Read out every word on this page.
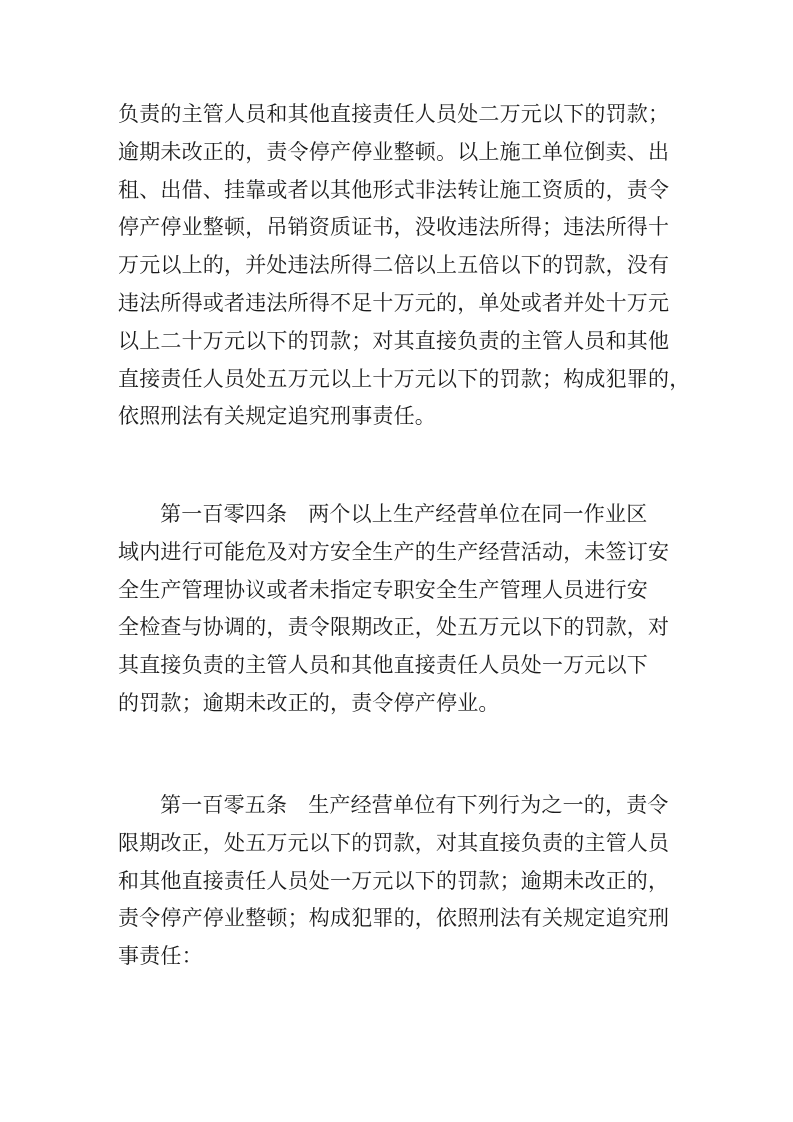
负责的主管人员和其他直接责任人员处二万元以下的罚款；
逾期未改正的，责令停产停业整顿。以上施工单位倒卖、出
租、出借、挂靠或者以其他形式非法转让施工资质的，责令
停产停业整顿，吊销资质证书，没收违法所得；违法所得十
万元以上的，并处违法所得二倍以上五倍以下的罚款，没有
违法所得或者违法所得不足十万元的，单处或者并处十万元
以上二十万元以下的罚款；对其直接负责的主管人员和其他
直接责任人员处五万元以上十万元以下的罚款；构成犯罪的，
依照刑法有关规定追究刑事责任。

第一百零四条 两个以上生产经营单位在同一作业区
域内进行可能危及对方安全生产的生产经营活动，未签订安
全生产管理协议或者未指定专职安全生产管理人员进行安
全检查与协调的，责令限期改正，处五万元以下的罚款，对
其直接负责的主管人员和其他直接责任人员处一万元以下
的罚款；逾期未改正的，责令停产停业。

第一百零五条 生产经营单位有下列行为之一的，责令
限期改正，处五万元以下的罚款，对其直接负责的主管人员
和其他直接责任人员处一万元以下的罚款；逾期未改正的，
责令停产停业整顿；构成犯罪的，依照刑法有关规定追究刑
事责任：
